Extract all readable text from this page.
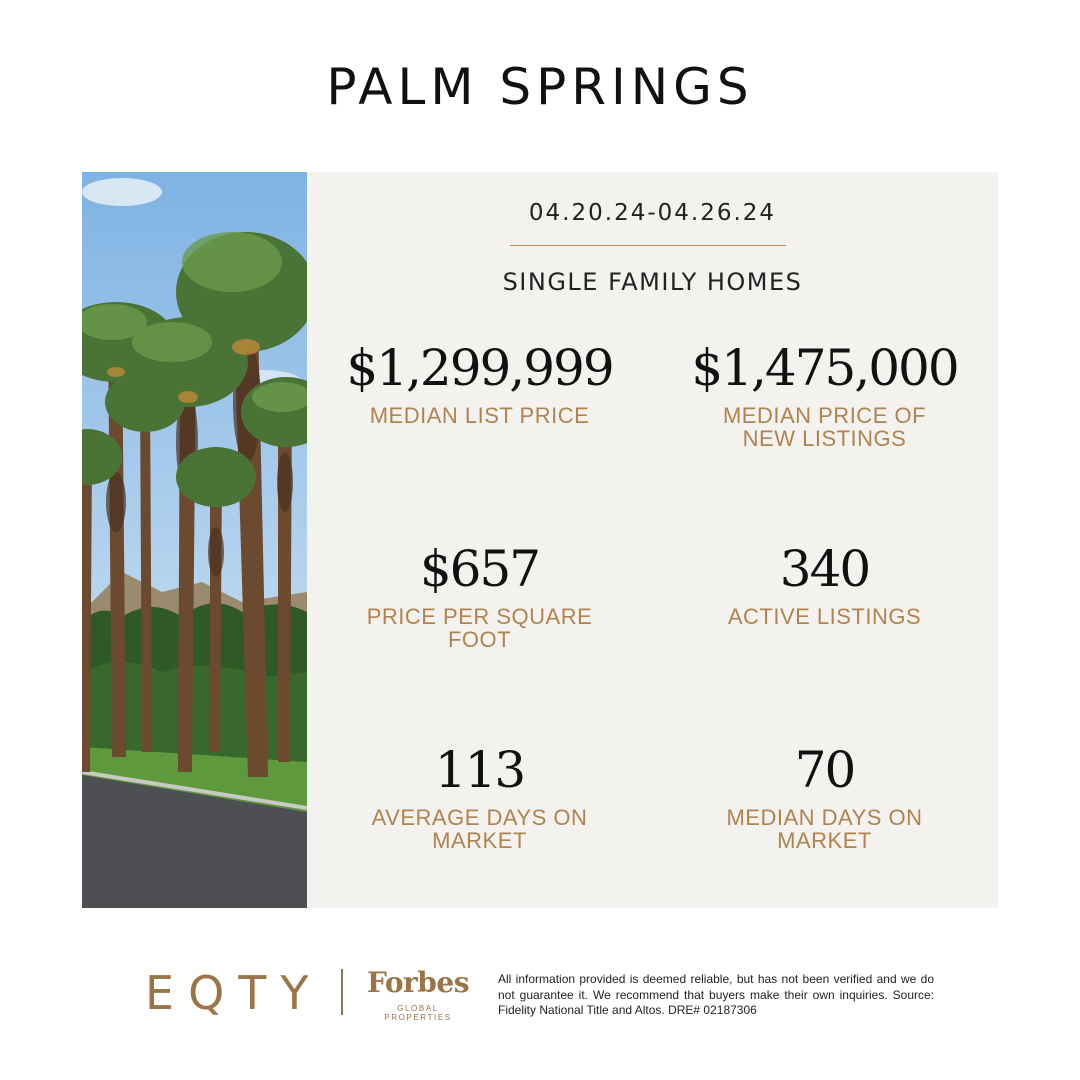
PALM SPRINGS
04.20.24-04.26.24
SINGLE FAMILY HOMES
$1,299,999
MEDIAN LIST PRICE
$1,475,000
MEDIAN PRICE OF NEW LISTINGS
$657
PRICE PER SQUARE FOOT
340
ACTIVE LISTINGS
113
AVERAGE DAYS ON MARKET
70
MEDIAN DAYS ON MARKET
EQTY Forbes
GLOBAL PROPERTIES
All information provided is deemed reliable, but has not been verified and we do not guarantee it. We recommend that buyers make their own inquiries. Source: Fidelity National Title and Altos. DRE# 02187306
